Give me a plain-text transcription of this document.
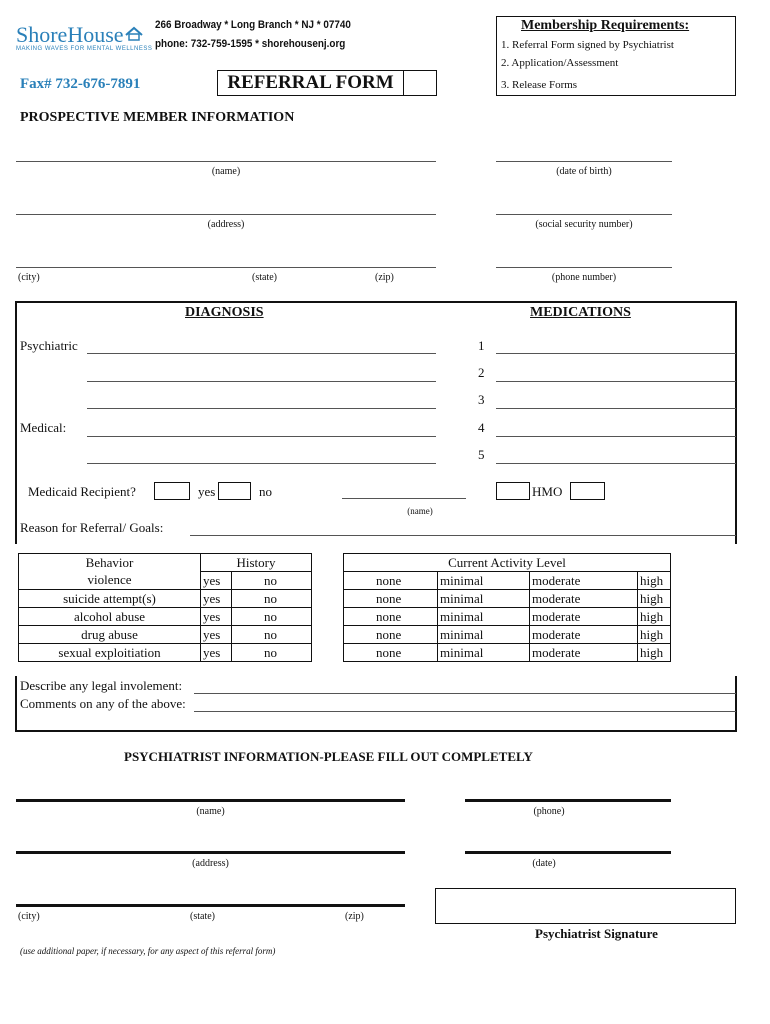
ShoreHouse
MAKING WAVES FOR MENTAL WELLNESS
266 Broadway * Long Branch * NJ * 07740
phone: 732-759-1595 * shorehousenj.org
Fax# 732-676-7891	REFERRAL FORM
Membership Requirements:
1. Referral Form signed by Psychiatrist
2. Application/Assessment
3. Release Forms
PROSPECTIVE MEMBER INFORMATION
(name)	(date of birth)
(address)	(social security number)
(city)	(state)	(zip)	(phone number)
DIAGNOSIS	MEDICATIONS
Psychiatric
Medical:
1
2
3
4
5
Medicaid Recipient?	yes	no
(name)
HMO
Reason for Referral/ Goals:
Behavior	History	
violence	yes	no
suicide attempt(s)	yes	no
alcohol abuse	yes	no
drug abuse	yes	no
sexual exploitiation	yes	no
Current Activity Level			
none	minimal	moderate	high
none	minimal	moderate	high
none	minimal	moderate	high
none	minimal	moderate	high
none	minimal	moderate	high
Describe any legal involement:
Comments on any of the above:
PSYCHIATRIST INFORMATION-PLEASE FILL OUT COMPLETELY
(name)	(phone)
(address)	(date)
(city)	(state)	(zip)
Psychiatrist Signature
(use additional paper, if necessary, for any aspect of this referral form)
